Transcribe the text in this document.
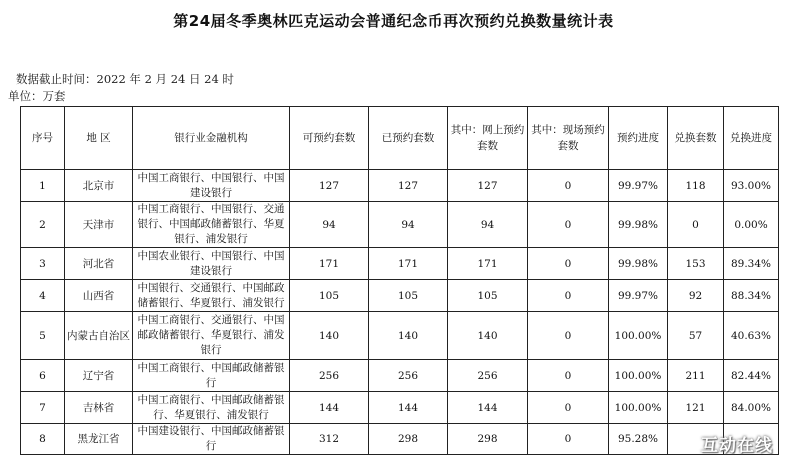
第24届冬季奥林匹克运动会普通纪念币再次预约兑换数量统计表
数据截止时间：2022 年 2 月 24 日 24 时
单位：万套
序号	地 区	银行业金融机构	可预约套数	已预约套数	其中：网上预约套数	其中：现场预约套数	预约进度	兑换套数	兑换进度
1	北京市	中国工商银行、中国银行、中国建设银行	127	127	127	0	99.97%	118	93.00%
2	天津市	中国工商银行、中国银行、交通银行、中国邮政储蓄银行、华夏银行、浦发银行	94	94	94	0	99.98%	0	0.00%
3	河北省	中国农业银行、中国银行、中国建设银行	171	171	171	0	99.98%	153	89.34%
4	山西省	中国银行、交通银行、中国邮政储蓄银行、华夏银行、浦发银行	105	105	105	0	99.97%	92	88.34%
5	内蒙古自治区	中国工商银行、交通银行、中国邮政储蓄银行、华夏银行、浦发银行	140	140	140	0	100.00%	57	40.63%
6	辽宁省	中国工商银行、中国邮政储蓄银行	256	256	256	0	100.00%	211	82.44%
7	吉林省	中国工商银行、中国邮政储蓄银行、华夏银行、浦发银行	144	144	144	0	100.00%	121	84.00%
8	黑龙江省	中国建设银行、中国邮政储蓄银行	312	298	298	0	95.28%			互动在线
